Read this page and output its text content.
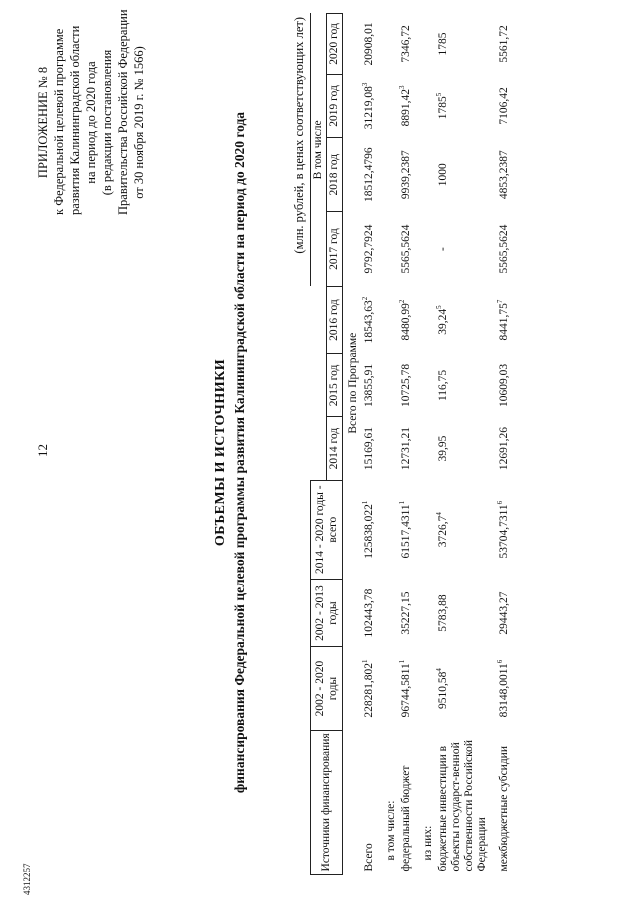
4312257
12
ПРИЛОЖЕНИЕ № 8 к Федеральной целевой программе развития Калининградской области на период до 2020 года (в редакции постановления Правительства Российской Федерации от 30 ноября 2019 г. № 1566)
ОБЪЕМЫ И ИСТОЧНИКИ финансирования Федеральной целевой программы развития Калининградской области на период до 2020 года	(млн. рублей, в ценах соответствующих лет)
Источники финансирования	2002 - 2020 годы	2002 - 2013 годы	2014 - 2020 годы - всего				В том числе			
				2014 год	2015 год	2016 год	2017 год	2018 год	2019 год	2020 год
				Всего по Программе						
Всего	228281,802$^1$	102443,78	125838,022$^1$	15169,61	13855,91	18543,63$^2$	9792,7924	18512,4796	31219,08$^3$	20908,01
в том числе:										
федеральный бюджет	96744,5811$^1$	35227,15	61517,4311$^1$	12731,21	10725,78	8480,99$^2$	5565,5624	9939,2387	8891,42$^3$	7346,72
из них:										
бюджетные инвестиции в объекты государст-венной собственности Российской Федерации	9510,58$^4$	5783,88	3726,7$^4$	39,95	116,75	39,24$^5$	-	1000	1785$^5$	1785
межбюджетные субсидии	83148,0011$^6$	29443,27	53704,7311$^6$	12691,26	10609,03	8441,75$^7$	5565,5624	4853,2387	7106,42	5561,72
